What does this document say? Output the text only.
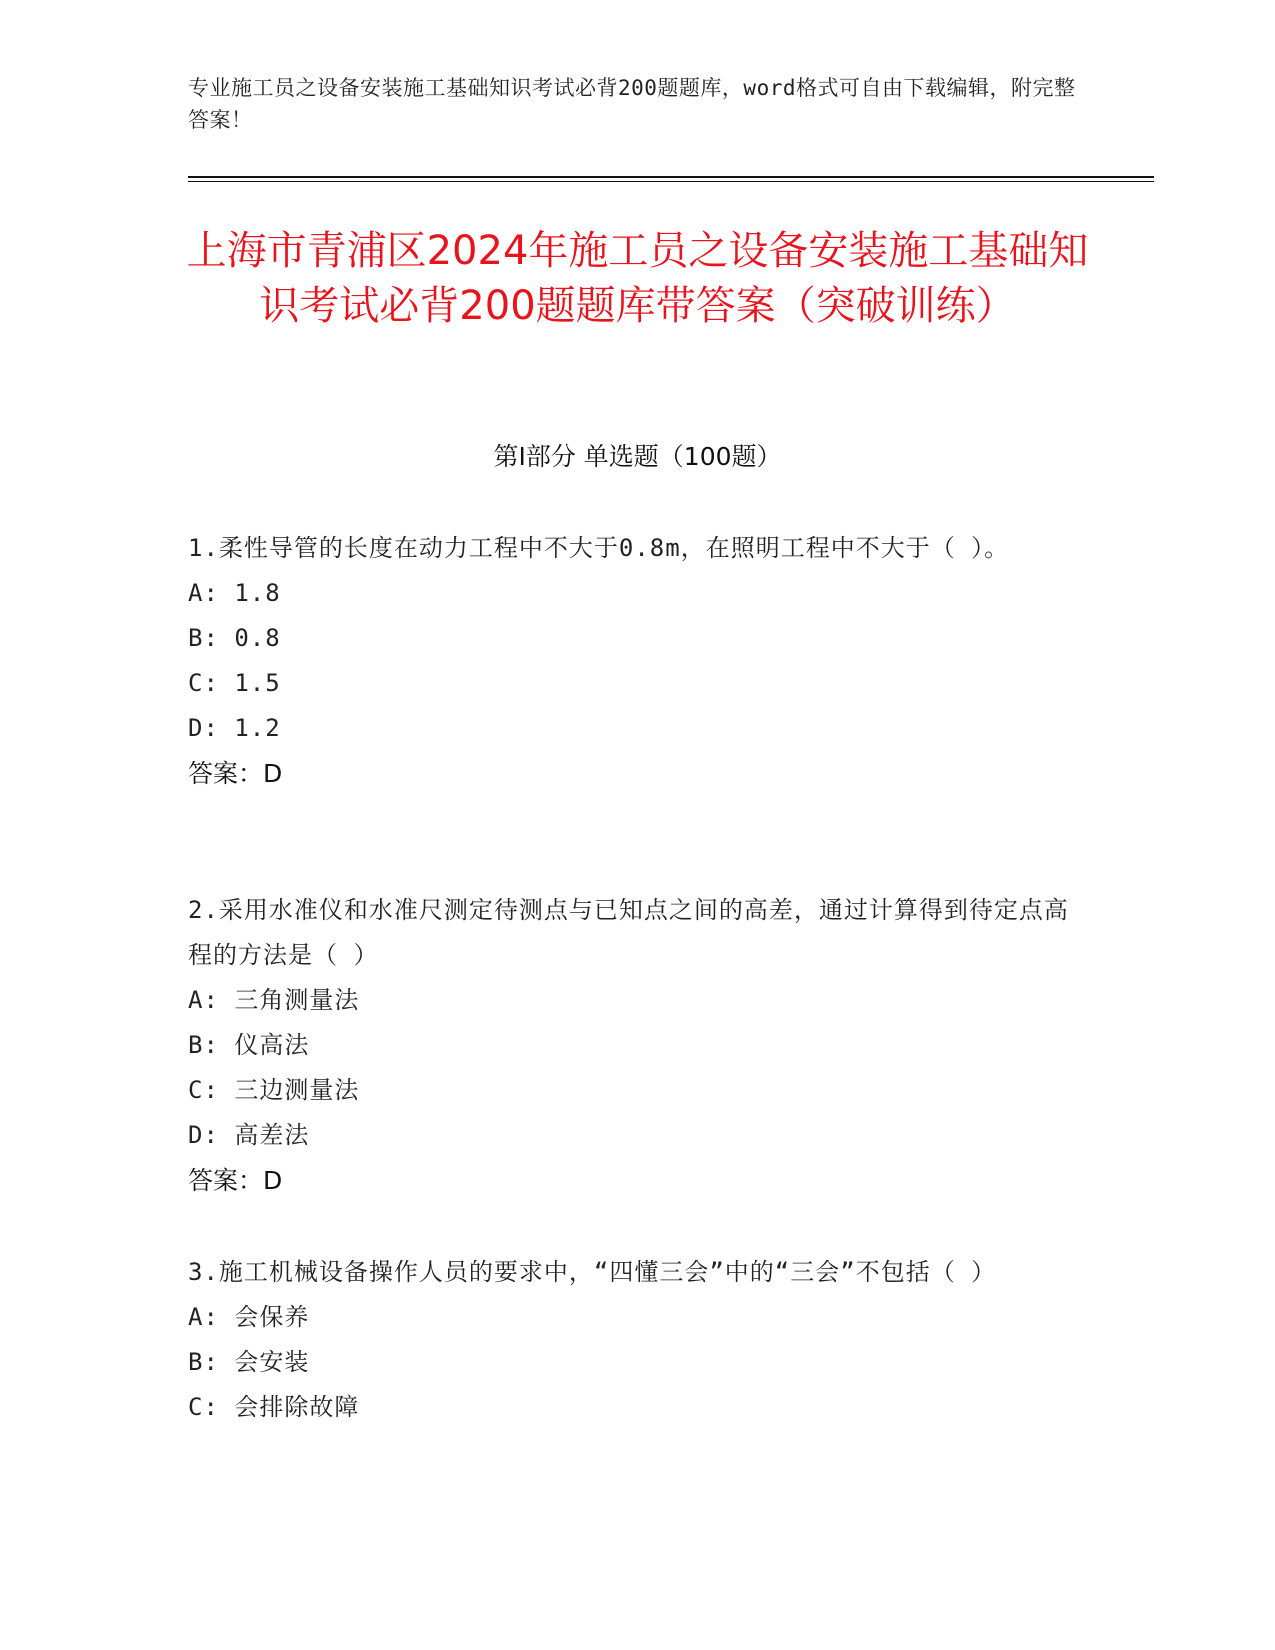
专业施工员之设备安装施工基础知识考试必背200题题库，word格式可自由下载编辑，附完整答案！
上海市青浦区2024年施工员之设备安装施工基础知识考试必背200题题库带答案（突破训练）
第Ⅰ部分 单选题（100题）
1.柔性导管的长度在动力工程中不大于0.8m，在照明工程中不大于（ ）。
A: 1.8
B: 0.8
C: 1.5
D: 1.2
答案：D
2.采用水准仪和水准尺测定待测点与已知点之间的高差，通过计算得到待定点高程的方法是（ ）
A: 三角测量法
B: 仪高法
C: 三边测量法
D: 高差法
答案：D
3.施工机械设备操作人员的要求中，“四懂三会”中的“三会”不包括（ ）
A: 会保养
B: 会安装
C: 会排除故障
